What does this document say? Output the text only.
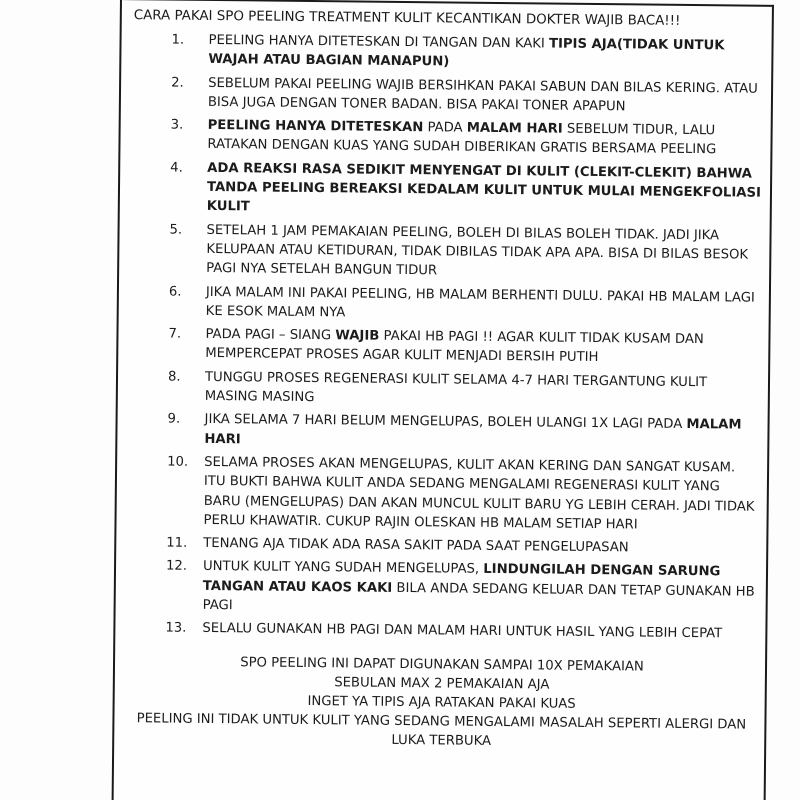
CARA PAKAI SPO PEELING TREATMENT KULIT KECANTIKAN DOKTER WAJIB BACA!!!

1.	PEELING HANYA DITETESKAN DI TANGAN DAN KAKI TIPIS AJA(TIDAK UNTUK WAJAH ATAU BAGIAN MANAPUN)
2.	SEBELUM PAKAI PEELING WAJIB BERSIHKAN PAKAI SABUN DAN BILAS KERING. ATAU BISA JUGA DENGAN TONER BADAN. BISA PAKAI TONER APAPUN
3.	PEELING HANYA DITETESKAN PADA MALAM HARI SEBELUM TIDUR, LALU RATAKAN DENGAN KUAS YANG SUDAH DIBERIKAN GRATIS BERSAMA PEELING
4.	ADA REAKSI RASA SEDIKIT MENYENGAT DI KULIT (CLEKIT-CLEKIT) BAHWA TANDA PEELING BEREAKSI KEDALAM KULIT UNTUK MULAI MENGEKFOLIASI KULIT
5.	SETELAH 1 JAM PEMAKAIAN PEELING, BOLEH DI BILAS BOLEH TIDAK. JADI JIKA KELUPAAN ATAU KETIDURAN, TIDAK DIBILAS TIDAK APA APA. BISA DI BILAS BESOK PAGI NYA SETELAH BANGUN TIDUR
6.	JIKA MALAM INI PAKAI PEELING, HB MALAM BERHENTI DULU. PAKAI HB MALAM LAGI KE ESOK MALAM NYA
7.	PADA PAGI – SIANG WAJIB PAKAI HB PAGI !! AGAR KULIT TIDAK KUSAM DAN MEMPERCEPAT PROSES AGAR KULIT MENJADI BERSIH PUTIH
8.	TUNGGU PROSES REGENERASI KULIT SELAMA 4-7 HARI TERGANTUNG KULIT MASING MASING
9.	JIKA SELAMA 7 HARI BELUM MENGELUPAS, BOLEH ULANGI 1X LAGI PADA MALAM HARI
10.	SELAMA PROSES AKAN MENGELUPAS, KULIT AKAN KERING DAN SANGAT KUSAM. ITU BUKTI BAHWA KULIT ANDA SEDANG MENGALAMI REGENERASI KULIT YANG BARU (MENGELUPAS) DAN AKAN MUNCUL KULIT BARU YG LEBIH CERAH. JADI TIDAK PERLU KHAWATIR. CUKUP RAJIN OLESKAN HB MALAM SETIAP HARI
11.	TENANG AJA TIDAK ADA RASA SAKIT PADA SAAT PENGELUPASAN
12.	UNTUK KULIT YANG SUDAH MENGELUPAS, LINDUNGILAH DENGAN SARUNG TANGAN ATAU KAOS KAKI BILA ANDA SEDANG KELUAR DAN TETAP GUNAKAN HB PAGI
13.	SELALU GUNAKAN HB PAGI DAN MALAM HARI UNTUK HASIL YANG LEBIH CEPAT

SPO PEELING INI DAPAT DIGUNAKAN SAMPAI 10X PEMAKAIAN

SEBULAN MAX 2 PEMAKAIAN AJA

INGET YA TIPIS AJA RATAKAN PAKAI KUAS

PEELING INI TIDAK UNTUK KULIT YANG SEDANG MENGALAMI MASALAH SEPERTI ALERGI DAN LUKA TERBUKA
